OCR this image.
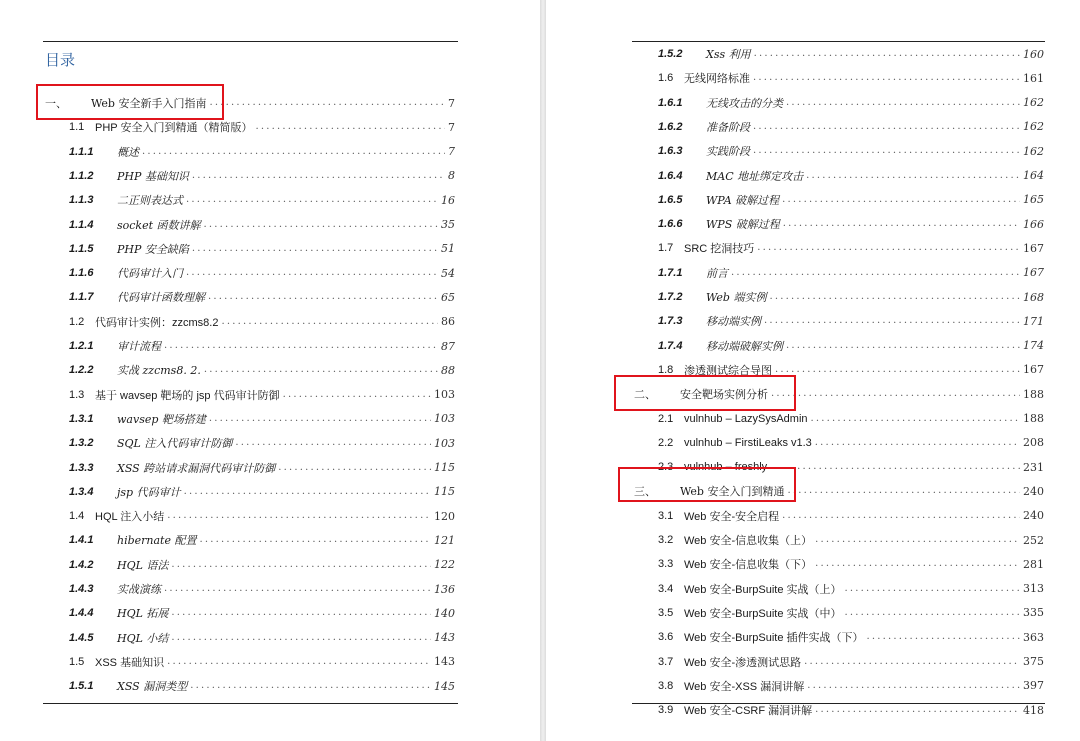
目录
一、	Web 安全新手入门指南 .....	7
1.1 PHP 安全入门到精通（精简版） .....	7
1.1.1	概述 .....	7
1.1.2	PHP 基础知识 .....	8
1.1.3	二正则表达式 .....	16
1.1.4	socket 函数讲解 .....	35
1.1.5	PHP 安全缺陷 .....	51
1.1.6	代码审计入门 .....	54
1.1.7	代码审计函数理解 .....	65
1.2 代码审计实例：zzcms8.2 .....	86
1.2.1	审计流程 .....	87
1.2.2	实战 zzcms8. 2. .....	88
1.3 基于 wavsep 靶场的 jsp 代码审计防御 .....	103
1.3.1	wavsep 靶场搭建 .....	103
1.3.2	SQL 注入代码审计防御 .....	103
1.3.3	XSS 跨站请求漏洞代码审计防御 .....	115
1.3.4	jsp 代码审计 .....	115
1.4 HQL 注入小结 .....	120
1.4.1	hibernate 配置 .....	121
1.4.2	HQL 语法 .....	122
1.4.3	实战演练 .....	136
1.4.4	HQL 拓展 .....	140
1.4.5	HQL 小结 .....	143
1.5 XSS 基础知识 .....	143
1.5.1	XSS 漏洞类型 .....	145
1.5.2	Xss 利用 .....	160
1.6 无线网络标准 .....	161
1.6.1	无线攻击的分类 .....	162
1.6.2	准备阶段 .....	162
1.6.3	实践阶段 .....	162
1.6.4	MAC 地址绑定攻击 .....	164
1.6.5	WPA 破解过程 .....	165
1.6.6	WPS 破解过程 .....	166
1.7 SRC 挖洞技巧 .....	167
1.7.1	前言 .....	167
1.7.2	Web 端实例 .....	168
1.7.3	移动端实例 .....	171
1.7.4	移动端破解实例 .....	174
1.8 渗透测试综合导图 .....	167
二、	安全靶场实例分析 .....	188
2.1 vulnhub – LazySysAdmin .....	188
2.2 vulnhub – FirstiLeaks v1.3 .....	208
2.3 vulnhub – freshly .....	231
三、	Web 安全入门到精通 .....	240
3.1 Web 安全-安全启程 .....	240
3.2 Web 安全-信息收集（上） .....	252
3.3 Web 安全-信息收集（下） .....	281
3.4 Web 安全-BurpSuite 实战（上） .....	313
3.5 Web 安全-BurpSuite 实战（中） .....	335
3.6 Web 安全-BurpSuite 插件实战（下） .....	363
3.7 Web 安全-渗透测试思路 .....	375
3.8 Web 安全-XSS 漏洞讲解 .....	397
3.9 Web 安全-CSRF 漏洞讲解 .....	418
